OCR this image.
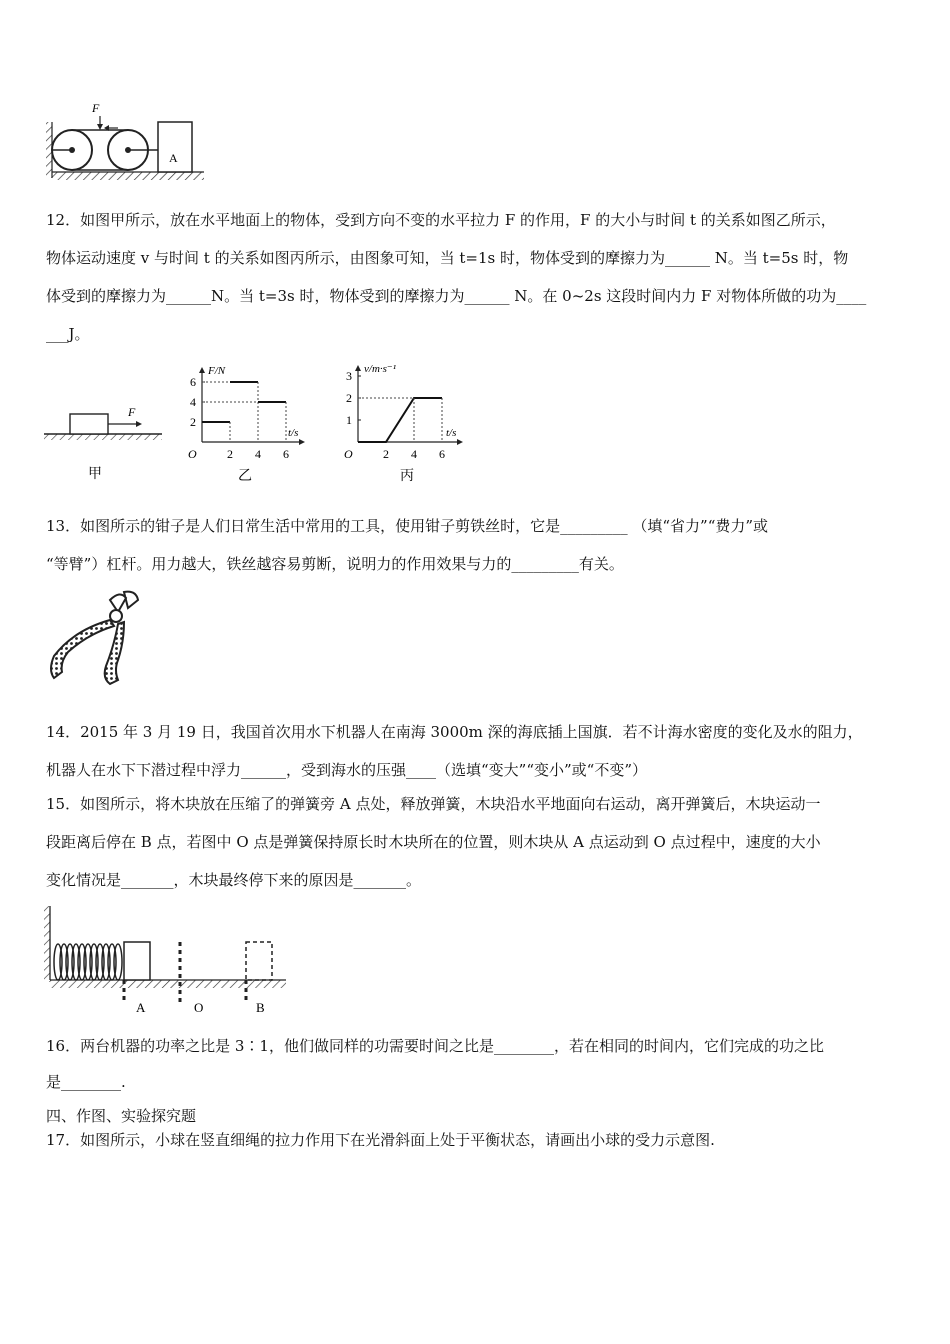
F
A
12．如图甲所示，放在水平地面上的物体，受到方向不变的水平拉力 F 的作用，F 的大小与时间 t 的关系如图乙所示，
物体运动速度 v 与时间 t 的关系如图丙所示，由图象可知，当 t=1s 时，物体受到的摩擦力为______ N。当 t=5s 时，物
体受到的摩擦力为______N。当 t=3s 时，物体受到的摩擦力为______ N。在 0~2s 这段时间内力 F 对物体所做的功为____
___J。
F
甲
F/N
t/s
O
2
4
6
2 4 6
乙
v/m·s⁻¹
t/s
O
1
2
3
2 4 6
丙
13．如图所示的钳子是人们日常生活中常用的工具，使用钳子剪铁丝时，它是_________ （填“省力”“费力”或
“等臂”）杠杆。用力越大，铁丝越容易剪断，说明力的作用效果与力的_________有关。
14．2015 年 3 月 19 日，我国首次用水下机器人在南海 3000m 深的海底插上国旗．若不计海水密度的变化及水的阻力，
机器人在水下下潜过程中浮力______，受到海水的压强____（选填“变大”“变小”或“不变”）
15．如图所示，将木块放在压缩了的弹簧旁 A 点处，释放弹簧，木块沿水平地面向右运动，离开弹簧后，木块运动一
段距离后停在 B 点，若图中 O 点是弹簧保持原长时木块所在的位置，则木块从 A 点运动到 O 点过程中，速度的大小
变化情况是_______，木块最终停下来的原因是_______。
A	O	B
16．两台机器的功率之比是 3∶1，他们做同样的功需要时间之比是________，若在相同的时间内，它们完成的功之比
是________.
四、作图、实验探究题
17．如图所示，小球在竖直细绳的拉力作用下在光滑斜面上处于平衡状态，请画出小球的受力示意图.
